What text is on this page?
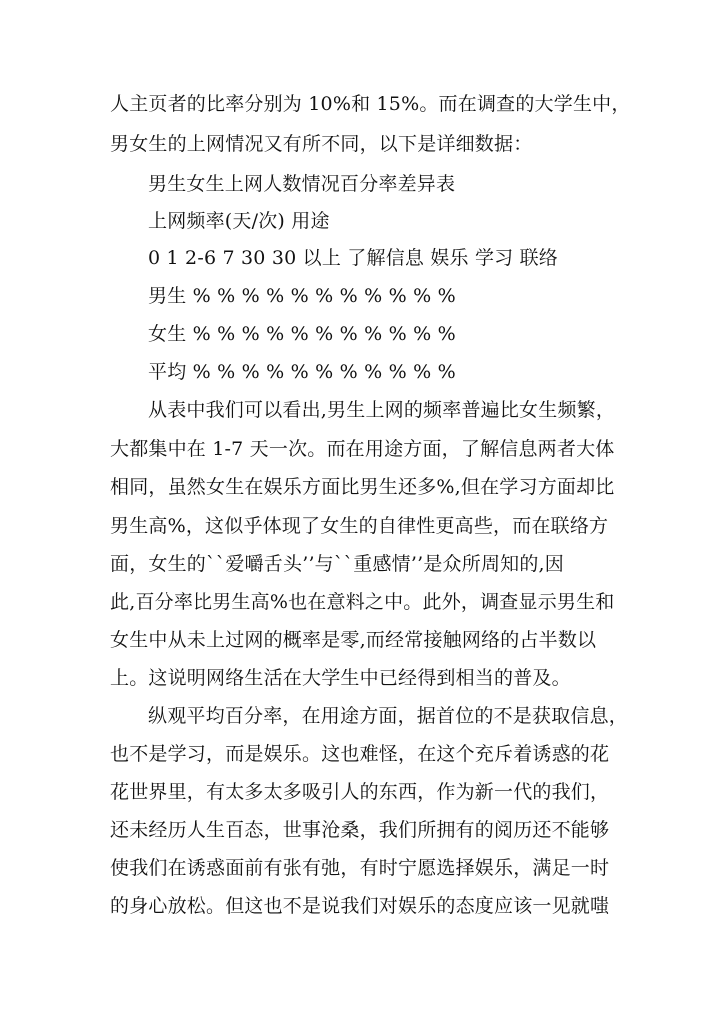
人主页者的比率分别为 10%和 15%。而在调查的大学生中，
男女生的上网情况又有所不同，以下是详细数据：
男生女生上网人数情况百分率差异表
上网频率(天/次) 用途
0 1 2-6 7 30 30 以上 了解信息 娱乐 学习 联络
男生 % % % % % % % % % % %
女生 % % % % % % % % % % %
平均 % % % % % % % % % % %
从表中我们可以看出,男生上网的频率普遍比女生频繁，
大都集中在 1-7 天一次。而在用途方面，了解信息两者大体
相同，虽然女生在娱乐方面比男生还多%,但在学习方面却比
男生高%，这似乎体现了女生的自律性更高些，而在联络方
面，女生的``爱嚼舌头’’与``重感情’’是众所周知的,因
此,百分率比男生高%也在意料之中。此外，调查显示男生和
女生中从未上过网的概率是零,而经常接触网络的占半数以
上。这说明网络生活在大学生中已经得到相当的普及。
纵观平均百分率，在用途方面，据首位的不是获取信息，
也不是学习，而是娱乐。这也难怪，在这个充斥着诱惑的花
花世界里，有太多太多吸引人的东西，作为新一代的我们，
还未经历人生百态，世事沧桑，我们所拥有的阅历还不能够
使我们在诱惑面前有张有弛，有时宁愿选择娱乐，满足一时
的身心放松。但这也不是说我们对娱乐的态度应该一见就嗤
